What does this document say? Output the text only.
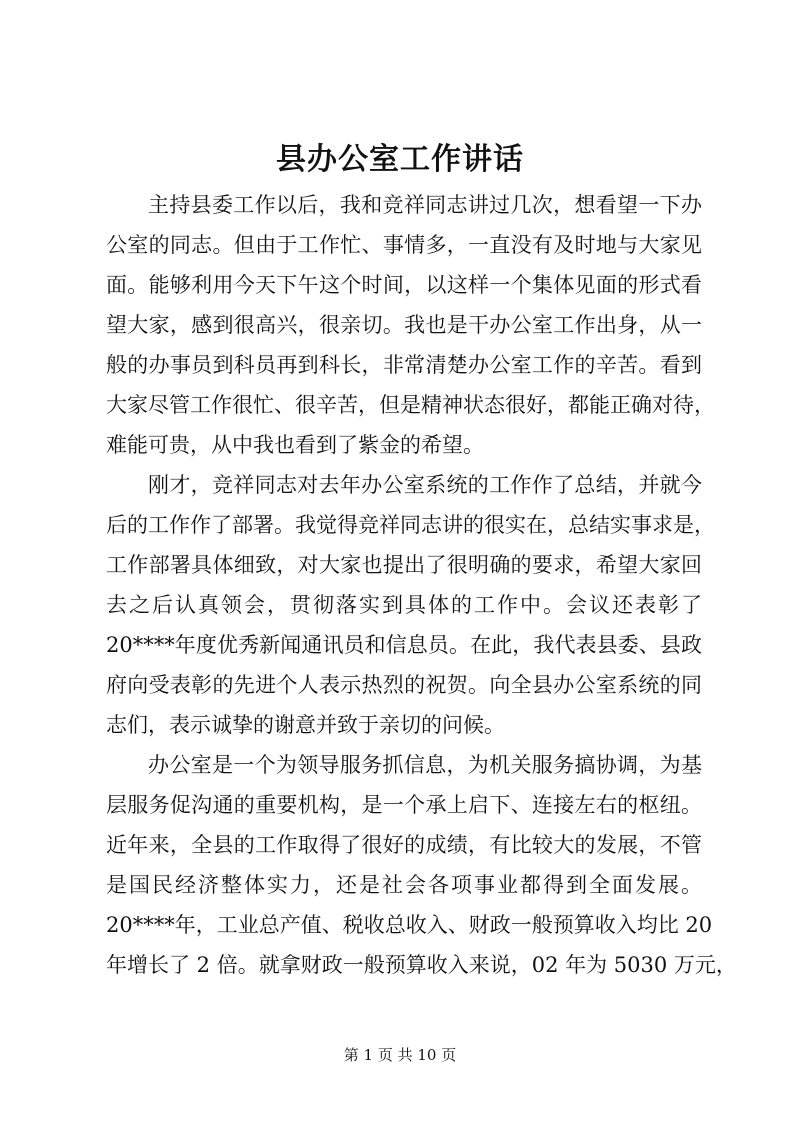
县办公室工作讲话
主持县委工作以后，我和竞祥同志讲过几次，想看望一下办
公室的同志。但由于工作忙、事情多，一直没有及时地与大家见
面。能够利用今天下午这个时间，以这样一个集体见面的形式看
望大家，感到很高兴，很亲切。我也是干办公室工作出身，从一
般的办事员到科员再到科长，非常清楚办公室工作的辛苦。看到
大家尽管工作很忙、很辛苦，但是精神状态很好，都能正确对待，
难能可贵，从中我也看到了紫金的希望。
刚才，竞祥同志对去年办公室系统的工作作了总结，并就今
后的工作作了部署。我觉得竞祥同志讲的很实在，总结实事求是，
工作部署具体细致，对大家也提出了很明确的要求，希望大家回
去之后认真领会，贯彻落实到具体的工作中。会议还表彰了
20****年度优秀新闻通讯员和信息员。在此，我代表县委、县政
府向受表彰的先进个人表示热烈的祝贺。向全县办公室系统的同
志们，表示诚挚的谢意并致于亲切的问候。
办公室是一个为领导服务抓信息，为机关服务搞协调，为基
层服务促沟通的重要机构，是一个承上启下、连接左右的枢纽。
近年来，全县的工作取得了很好的成绩，有比较大的发展，不管
是国民经济整体实力，还是社会各项事业都得到全面发展。
20****年，工业总产值、税收总收入、财政一般预算收入均比 20
年增长了 2 倍。就拿财政一般预算收入来说，02 年为 5030 万元，
第 1 页 共 10 页
